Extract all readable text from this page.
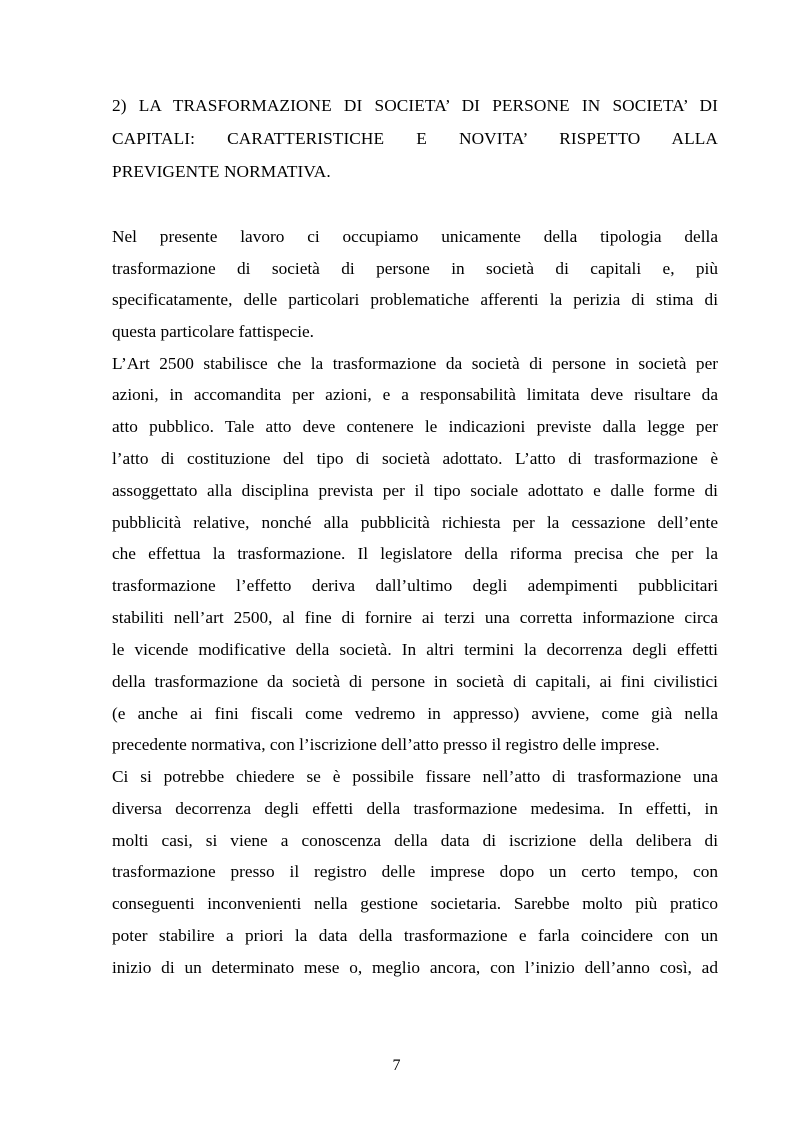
2) LA TRASFORMAZIONE DI SOCIETA’ DI PERSONE IN SOCIETA’ DI
CAPITALI: CARATTERISTICHE E NOVITA’ RISPETTO ALLA
PREVIGENTE NORMATIVA.
Nel presente lavoro ci occupiamo unicamente della tipologia della
trasformazione di società di persone in società di capitali e, più
specificatamente, delle particolari problematiche afferenti la perizia di stima di
questa particolare fattispecie.
L’Art 2500 stabilisce che la trasformazione da società di persone in società per
azioni, in accomandita per azioni, e a responsabilità limitata deve risultare da
atto pubblico. Tale atto deve contenere le indicazioni previste dalla legge per
l’atto di costituzione del tipo di società adottato. L’atto di trasformazione è
assoggettato alla disciplina prevista per il tipo sociale adottato e dalle forme di
pubblicità relative, nonché alla pubblicità richiesta per la cessazione dell’ente
che effettua la trasformazione. Il legislatore della riforma precisa che per la
trasformazione l’effetto deriva dall’ultimo degli adempimenti pubblicitari
stabiliti nell’art 2500, al fine di fornire ai terzi una corretta informazione circa
le vicende modificative della società. In altri termini la decorrenza degli effetti
della trasformazione da società di persone in società di capitali, ai fini civilistici
(e anche ai fini fiscali come vedremo in appresso) avviene, come già nella
precedente normativa, con l’iscrizione dell’atto presso il registro delle imprese.
Ci si potrebbe chiedere se è possibile fissare nell’atto di trasformazione una
diversa decorrenza degli effetti della trasformazione medesima. In effetti, in
molti casi, si viene a conoscenza della data di iscrizione della delibera di
trasformazione presso il registro delle imprese dopo un certo tempo, con
conseguenti inconvenienti nella gestione societaria. Sarebbe molto più pratico
poter stabilire a priori la data della trasformazione e farla coincidere con un
inizio di un determinato mese o, meglio ancora, con l’inizio dell’anno così, ad
7
